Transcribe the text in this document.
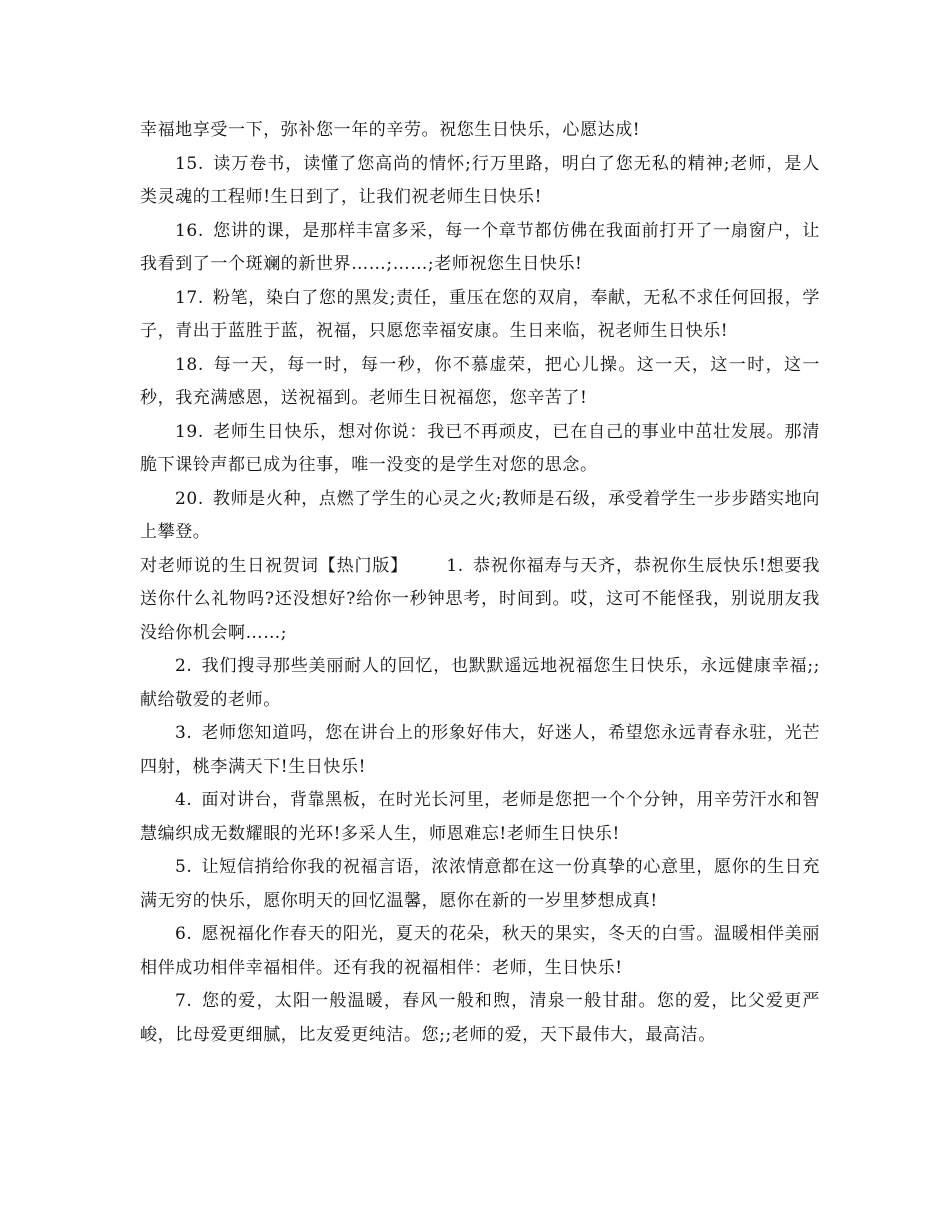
幸福地享受一下，弥补您一年的辛劳。祝您生日快乐，心愿达成!

15. 读万卷书，读懂了您高尚的情怀;行万里路，明白了您无私的精神;老师，是人类灵魂的工程师!生日到了，让我们祝老师生日快乐!

16. 您讲的课，是那样丰富多采，每一个章节都仿佛在我面前打开了一扇窗户，让我看到了一个斑斓的新世界……;……;老师祝您生日快乐!

17. 粉笔，染白了您的黑发;责任，重压在您的双肩，奉献，无私不求任何回报，学子，青出于蓝胜于蓝，祝福，只愿您幸福安康。生日来临，祝老师生日快乐!

18. 每一天，每一时，每一秒，你不慕虚荣，把心儿操。这一天，这一时，这一秒，我充满感恩，送祝福到。老师生日祝福您，您辛苦了!

19. 老师生日快乐，想对你说：我已不再顽皮，已在自己的事业中茁壮发展。那清脆下课铃声都已成为往事，唯一没变的是学生对您的思念。

20. 教师是火种，点燃了学生的心灵之火;教师是石级，承受着学生一步步踏实地向上攀登。

对老师说的生日祝贺词【热门版】 1. 恭祝你福寿与天齐，恭祝你生辰快乐!想要我送你什么礼物吗?还没想好?给你一秒钟思考，时间到。哎，这可不能怪我，别说朋友我没给你机会啊……;

2. 我们搜寻那些美丽耐人的回忆，也默默遥远地祝福您生日快乐，永远健康幸福;;献给敬爱的老师。

3. 老师您知道吗，您在讲台上的形象好伟大，好迷人，希望您永远青春永驻，光芒四射，桃李满天下!生日快乐!

4. 面对讲台，背靠黑板，在时光长河里，老师是您把一个个分钟，用辛劳汗水和智慧编织成无数耀眼的光环!多采人生，师恩难忘!老师生日快乐!

5. 让短信捎给你我的祝福言语，浓浓情意都在这一份真挚的心意里，愿你的生日充满无穷的快乐，愿你明天的回忆温馨，愿你在新的一岁里梦想成真!

6. 愿祝福化作春天的阳光，夏天的花朵，秋天的果实，冬天的白雪。温暖相伴美丽相伴成功相伴幸福相伴。还有我的祝福相伴：老师，生日快乐!

7. 您的爱，太阳一般温暖，春风一般和煦，清泉一般甘甜。您的爱，比父爱更严峻，比母爱更细腻，比友爱更纯洁。您;;老师的爱，天下最伟大，最高洁。
